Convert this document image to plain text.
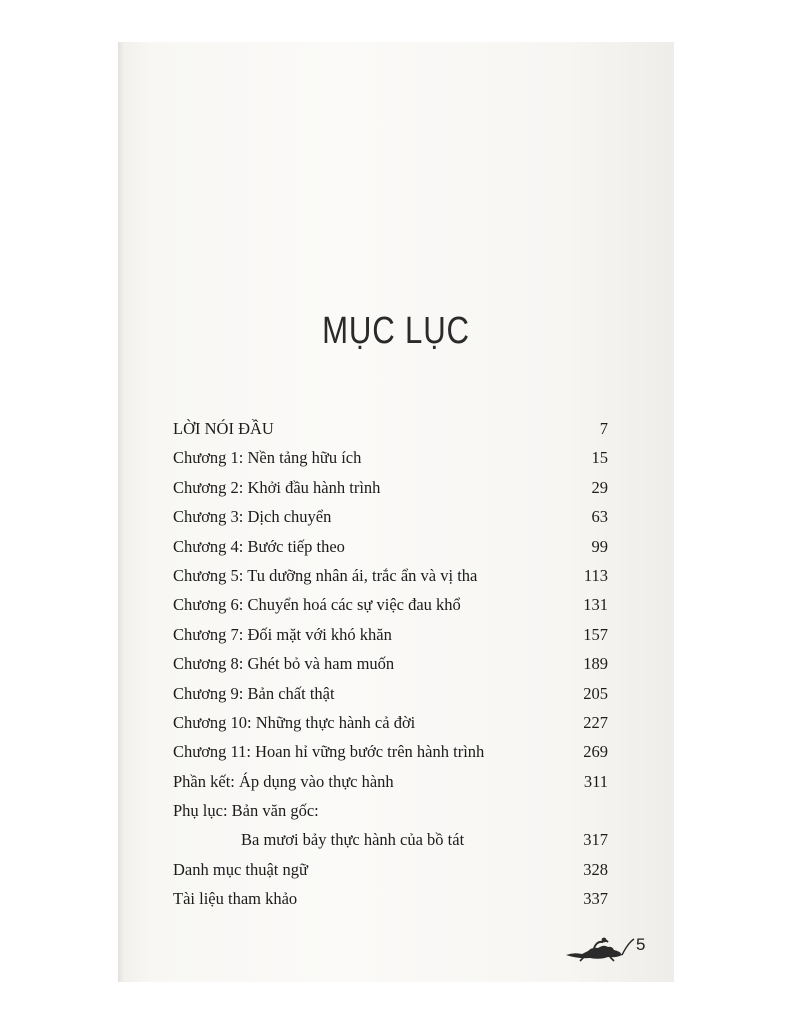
MỤC LỤC
LỜI NÓI ĐẦU	7
Chương 1: Nền tảng hữu ích	15
Chương 2: Khởi đầu hành trình	29
Chương 3: Dịch chuyển	63
Chương 4: Bước tiếp theo	99
Chương 5: Tu dưỡng nhân ái, trắc ẩn và vị tha	113
Chương 6: Chuyển hoá các sự việc đau khổ	131
Chương 7: Đối mặt với khó khăn	157
Chương 8: Ghét bỏ và ham muốn	189
Chương 9: Bản chất thật	205
Chương 10: Những thực hành cả đời	227
Chương 11: Hoan hỉ vững bước trên hành trình	269
Phần kết: Áp dụng vào thực hành	311
Phụ lục: Bản văn gốc:
Ba mươi bảy thực hành của bồ tát	317
Danh mục thuật ngữ	328
Tài liệu tham khảo	337
5
